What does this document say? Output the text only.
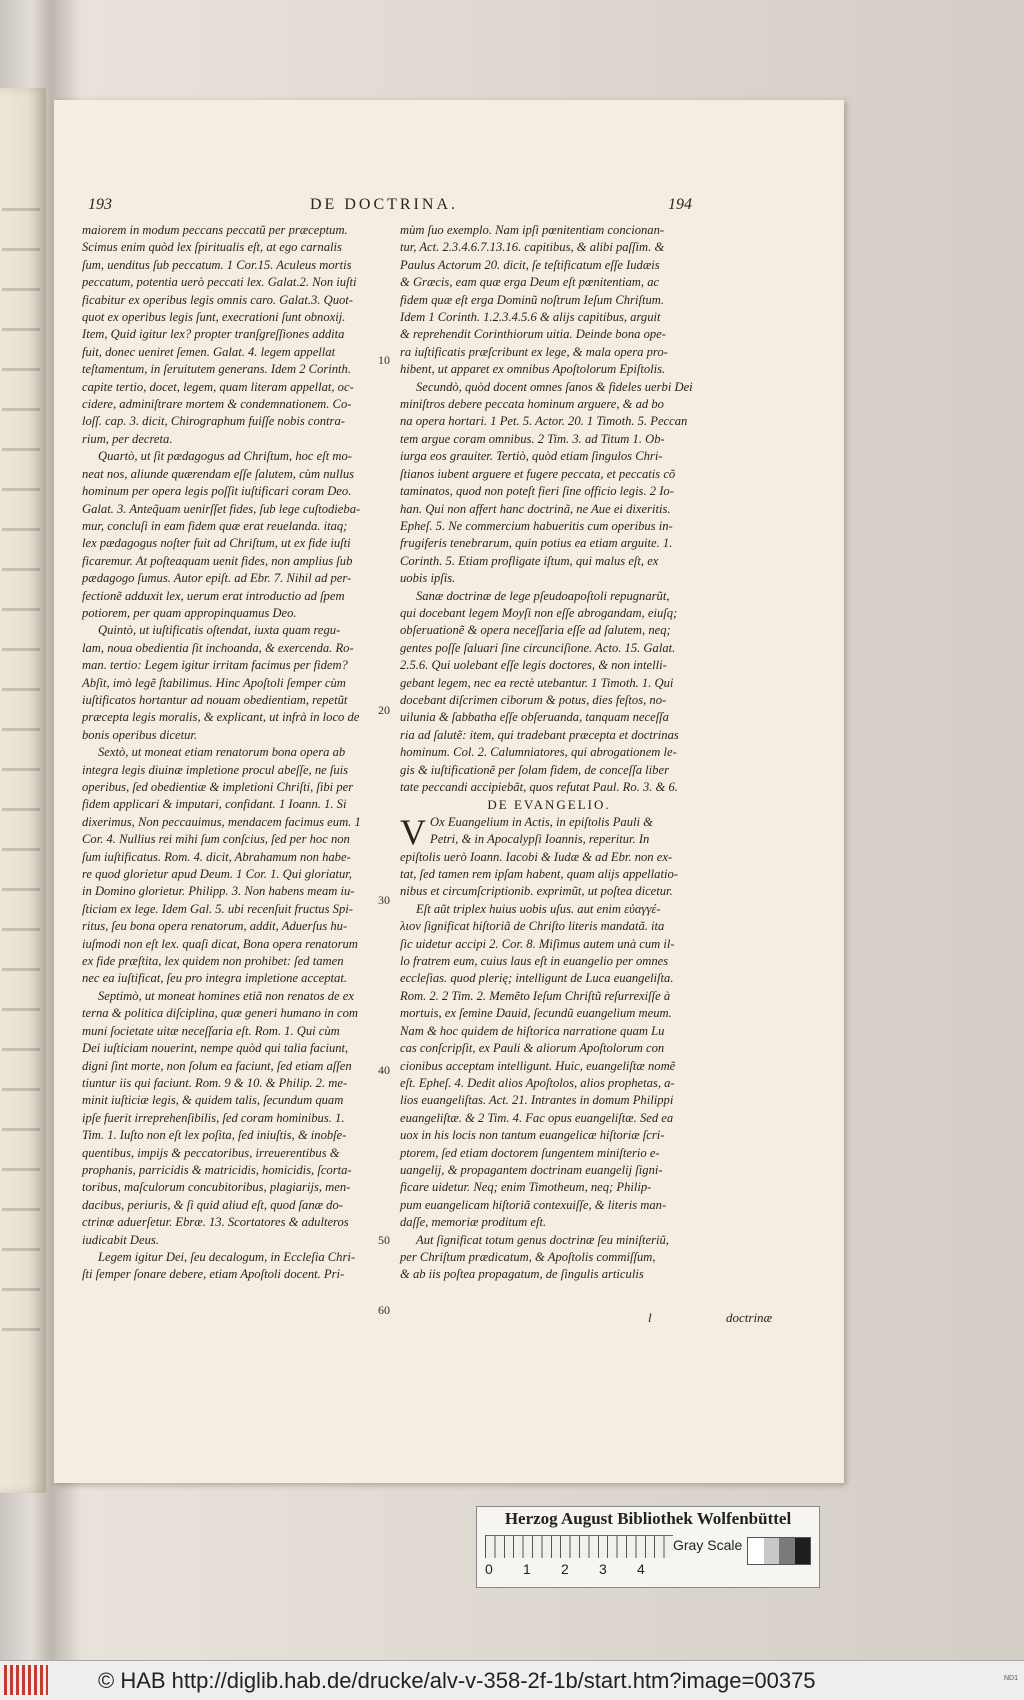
193	DE DOCTRINA.	194

maiorem in modum peccans peccatũ per præceptum.

Scimus enim quòd lex ſpiritualis eſt, at ego carnalis

ſum, uenditus ſub peccatum. 1 Cor.15. Aculeus mortis

peccatum, potentia uerò peccati lex. Galat.2. Non iuſti

ficabitur ex operibus legis omnis caro. Galat.3. Quot-

quot ex operibus legis ſunt, execrationi ſunt obnoxij.

Item, Quid igitur lex? propter tranſgreſſiones addita

fuit, donec ueniret ſemen. Galat. 4. legem appellat

teſtamentum, in ſeruitutem generans. Idem 2 Corinth.

capite tertio, docet, legem, quam literam appellat, oc-

cidere, adminiſtrare mortem & condemnationem. Co-

loſſ. cap. 3. dicit, Chirographum fuiſſe nobis contra-

rium, per decreta.

Quartò, ut ſit pædagogus ad Chriſtum, hoc eſt mo-

neat nos, aliunde quærendam eſſe ſalutem, cùm nullus

hominum per opera legis poſſit iuſtificari coram Deo.

Galat. 3. Anteq̃uam uenirſſet fides, ſub lege cuſtodieba-

mur, concluſi in eam fidem quæ erat reuelanda. itaq;

lex pædagogus noſter fuit ad Chriſtum, ut ex fide iuſti

ficaremur. At poſteaquam uenit fides, non amplius ſub

pædagogo ſumus. Autor epiſt. ad Ebr. 7. Nihil ad per-

fectionẽ adduxit lex, uerum erat introductio ad ſpem

potiorem, per quam appropinquamus Deo.

Quintò, ut iuſtificatis oſtendat, iuxta quam regu-

lam, noua obedientia ſit inchoanda, & exercenda. Ro-

man. tertio: Legem igitur irritam facimus per fidem?

Abſit, imò legẽ ſtabilimus. Hinc Apoſtoli ſemper cùm

iuſtificatos hortantur ad nouam obedientiam, repetũt

præcepta legis moralis, & explicant, ut infrà in loco de

bonis operibus dicetur.

Sextò, ut moneat etiam renatorum bona opera ab

integra legis diuinæ impletione procul abeſſe, ne ſuis

operibus, ſed obedientiæ & impletioni Chriſti, ſibi per

fidem applicari & imputari, confidant. 1 Ioann. 1. Si

dixerimus, Non peccauimus, mendacem facimus eum. 1

Cor. 4. Nullius rei mihi ſum conſcius, ſed per hoc non

ſum iuſtificatus. Rom. 4. dicit, Abrahamum non habe-

re quod glorietur apud Deum. 1 Cor. 1. Qui gloriatur,

in Domino glorietur. Philipp. 3. Non habens meam iu-

ſticiam ex lege. Idem Gal. 5. ubi recenſuit fructus Spi-

ritus, ſeu bona opera renatorum, addit, Aduerſus hu-

iuſmodi non eſt lex. quaſi dicat, Bona opera renatorum

ex fide præſtita, lex quidem non prohibet: ſed tamen

nec ea iuſtificat, ſeu pro integra impletione acceptat.

Septimò, ut moneat homines etiã non renatos de ex

terna & politica diſciplina, quæ generi humano in com

muni ſocietate uitæ neceſſaria eſt. Rom. 1. Qui cùm

Dei iuſticiam nouerint, nempe quòd qui talia faciunt,

digni ſint morte, non ſolum ea faciunt, ſed etiam aſſen

tiuntur iis qui faciunt. Rom. 9 & 10. & Philip. 2. me-

minit iuſticiæ legis, & quidem talis, ſecundum quam

ipſe fuerit irreprehenſibilis, ſed coram hominibus. 1.

Tim. 1. Iuſto non eſt lex poſita, ſed iniuſtis, & inobſe-

quentibus, impijs & peccatoribus, irreuerentibus &

prophanis, parricidis & matricidis, homicidis, ſcorta-

toribus, maſculorum concubitoribus, plagiarijs, men-

dacibus, periuris, & ſi quid aliud eſt, quod ſanæ do-

ctrinæ aduerſetur. Ebræ. 13. Scortatores & adulteros

iudicabit Deus.

Legem igitur Dei, ſeu decalogum, in Eccleſia Chri-

ſti ſemper ſonare debere, etiam Apoſtoli docent. Pri-

10
20
30
40
50
60

mùm ſuo exemplo. Nam ipſi pœnitentiam concionan-

tur, Act. 2.3.4.6.7.13.16. capitibus, & alibi paſſim. &

Paulus Actorum 20. dicit, ſe teſtificatum eſſe Iudæis

& Græcis, eam quæ erga Deum eſt pœnitentiam, ac

fidem quæ eſt erga Dominũ noſtrum Ieſum Chriſtum.

Idem 1 Corinth. 1.2.3.4.5.6 & alijs capitibus, arguit

& reprehendit Corinthiorum uitia. Deinde bona ope-

ra iuſtificatis præſcribunt ex lege, & mala opera pro-

hibent, ut apparet ex omnibus Apoſtolorum Epiſtolis.

Secundò, quòd docent omnes ſanos & fideles uerbi Dei

miniſtros debere peccata hominum arguere, & ad bo

na opera hortari. 1 Pet. 5. Actor. 20. 1 Timoth. 5. Peccan

tem argue coram omnibus. 2 Tim. 3. ad Titum 1. Ob-

iurga eos grauiter. Tertiò, quòd etiam ſingulos Chri-

ſtianos iubent arguere et fugere peccata, et peccatis cõ

taminatos, quod non poteſt fieri ſine officio legis. 2 Io-

han. Qui non affert hanc doctrinã, ne Aue ei dixeritis.

Epheſ. 5. Ne commercium habueritis cum operibus in-

frugiferis tenebrarum, quin potius ea etiam arguite. 1.

Corinth. 5. Etiam profligate iſtum, qui malus eſt, ex

uobis ipſis.

Sanæ doctrinæ de lege pſeudoapoſtoli repugnarũt,

qui docebant legem Moyſi non eſſe abrogandam, eiuſq;

obſeruationẽ & opera neceſſaria eſſe ad ſalutem, neq;

gentes poſſe ſaluari ſine circunciſione. Acto. 15. Galat.

2.5.6. Qui uolebant eſſe legis doctores, & non intelli-

gebant legem, nec ea rectè utebantur. 1 Timoth. 1. Qui

docebant diſcrimen ciborum & potus, dies feſtos, no-

uilunia & ſabbatha eſſe obſeruanda, tanquam neceſſa

ria ad ſalutẽ: item, qui tradebant præcepta et doctrinas

hominum. Col. 2. Calumniatores, qui abrogationem le-

gis & iuſtificationẽ per ſolam fidem, de conceſſa liber

tate peccandi accipiebãt, quos refutat Paul. Ro. 3. & 6.

DE EVANGELIO.

V Ox Euangelium in Actis, in epiſtolis Pauli &

Petri, & in Apocalypſi Ioannis, reperitur. In

epiſtolis uerò Ioann. Iacobi & Iudæ & ad Ebr. non ex-

tat, ſed tamen rem ipſam habent, quam alijs appellatio-

nibus et circumſcriptionib. exprimũt, ut poſtea dicetur.

Eſt aũt triplex huius uobis uſus. aut enim εὐαγγέ-

λιον ſignificat hiſtoriã de Chriſto literis mandatã. ita

ſic uidetur accipi 2. Cor. 8. Miſimus autem unà cum il-

lo fratrem eum, cuius laus eſt in euangelio per omnes

eccleſias. quod plerię; intelligunt de Luca euangeliſta.

Rom. 2. 2 Tim. 2. Memẽto Ieſum Chriſtũ reſurrexiſſe à

mortuis, ex ſemine Dauid, ſecundũ euangelium meum.

Nam & hoc quidem de hiſtorica narratione quam Lu

cas conſcripſit, ex Pauli & aliorum Apoſtolorum con

cionibus acceptam intelligunt. Huic, euangeliſtæ nomẽ

eſt. Epheſ. 4. Dedit alios Apoſtolos, alios prophetas, a-

lios euangeliſtas. Act. 21. Intrantes in domum Philippi

euangeliſtæ. & 2 Tim. 4. Fac opus euangeliſtæ. Sed ea

uox in his locis non tantum euangelicæ hiſtoriæ ſcri-

ptorem, ſed etiam doctorem ſungentem miniſterio e-

uangelij, & propagantem doctrinam euangelij ſigni-

ficare uidetur. Neq; enim Timotheum, neq; Philip-

pum euangelicam hiſtoriã contexuiſſe, & literis man-

daſſe, memoriæ proditum eſt.

Aut ſignificat totum genus doctrinæ ſeu miniſteriũ,

per Chriſtum prædicatum, & Apoſtolis commiſſum,

& ab iis poſtea propagatum, de ſingulis articulis

l	doctrinæ
Herzog August Bibliothek Wolfenbüttel
0 1 2 3 4
Gray Scale
© HAB http://diglib.hab.de/drucke/alv-v-358-2f-1b/start.htm?image=00375	ND1
